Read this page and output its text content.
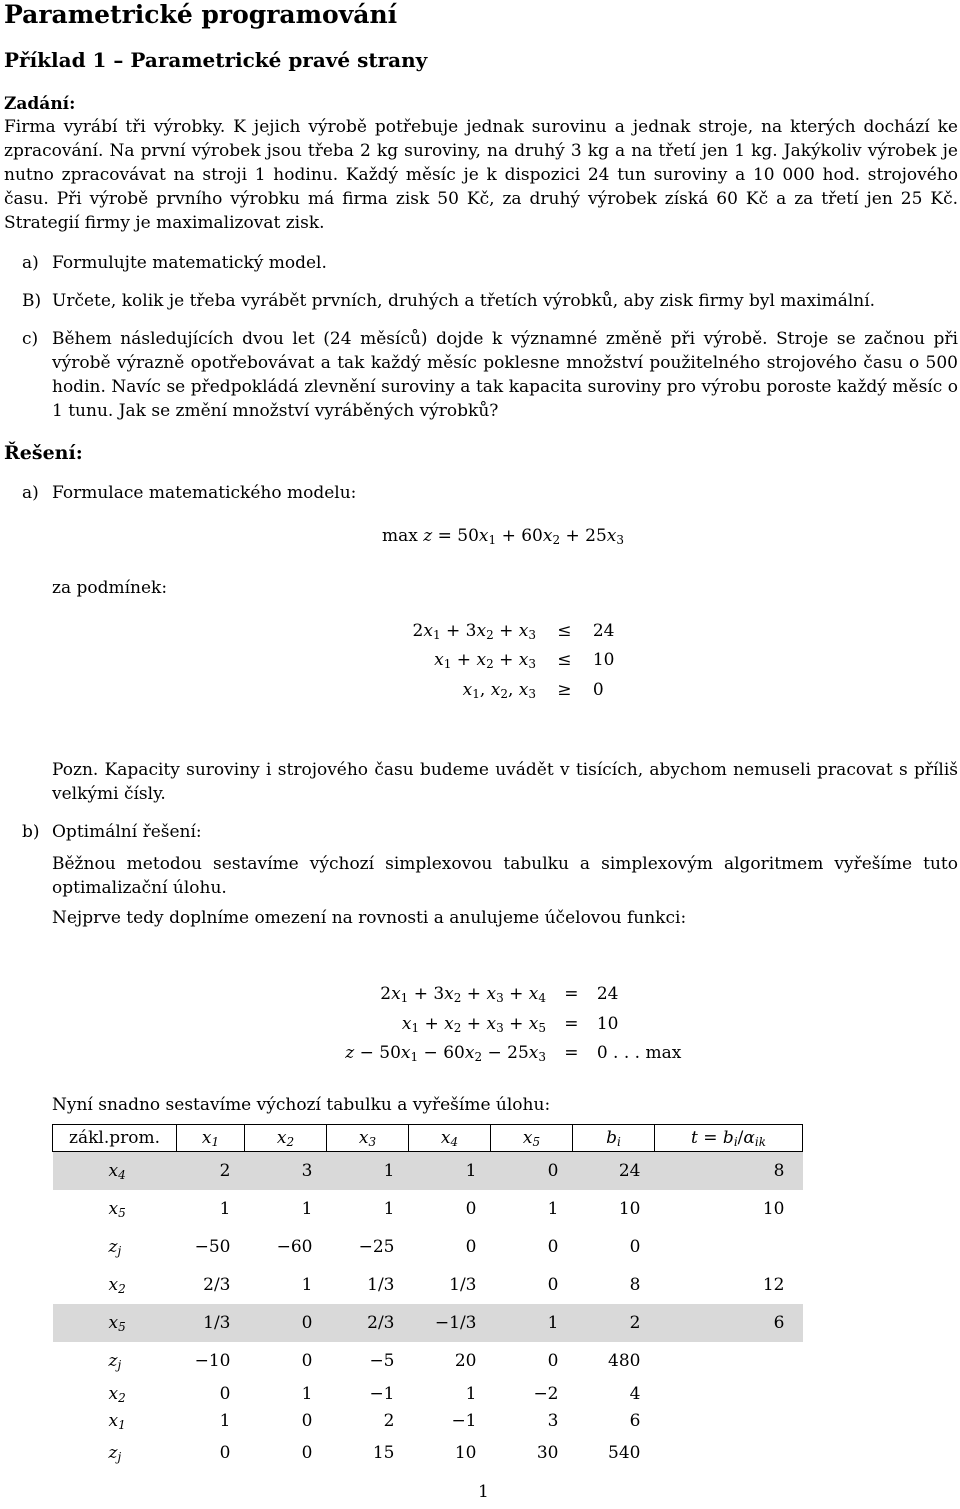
Parametrické programování
Příklad 1 – Parametrické pravé strany
Zadání:
Firma vyrábí tři výrobky. K jejich výrobě potřebuje jednak surovinu a jednak stroje, na kterých dochází ke zpracování. Na první výrobek jsou třeba 2 kg suroviny, na druhý 3 kg a na třetí jen 1 kg. Jakýkoliv výrobek je nutno zpracovávat na stroji 1 hodinu. Každý měsíc je k dispozici 24 tun suroviny a 10 000 hod. strojového času. Při výrobě prvního výrobku má firma zisk 50 Kč, za druhý výrobek získá 60 Kč a za třetí jen 25 Kč. Strategií firmy je maximalizovat zisk.
a) Formulujte matematický model.
B) Určete, kolik je třeba vyrábět prvních, druhých a třetích výrobků, aby zisk firmy byl maximální.
c) Během následujících dvou let (24 měsíců) dojde k významné změně při výrobě. Stroje se začnou při výrobě výrazně opotřebovávat a tak každý měsíc poklesne množství použitelného strojového času o 500 hodin. Navíc se předpokládá zlevnění suroviny a tak kapacita suroviny pro výrobu poroste každý měsíc o 1 tunu. Jak se změní množství vyráběných výrobků?
Řešení:
a) Formulace matematického modelu:
$\max z = 50x_1 + 60x_2 + 25x_3$
za podmínek:
$2x_1 + 3x_2 + x_3 \le 24$
$x_1 + x_2 + x_3 \le 10$
$x_1$, $x_2$, $x_3 \ge 0$
Pozn. Kapacity suroviny i strojového času budeme uvádět v tisících, abychom nemuseli pracovat s příliš velkými čísly.
b) Optimální řešení:
Běžnou metodou sestavíme výchozí simplexovou tabulku a simplexovým algoritmem vyřešíme tuto optimalizační úlohu.
Nejprve tedy doplníme omezení na rovnosti a anulujeme účelovou funkci:
$2x_1 + 3x_2 + x_3 + x_4 = 24$
$x_1 + x_2 + x_3 + x_5 = 10$
$z - 50x_1 - 60x_2 - 25x_3 = 0$ . . . max
Nyní snadno sestavíme výchozí tabulku a vyřešíme úlohu:
zákl.prom.	$x_1$	$x_2$	$x_3$	$x_4$	$x_5$	$b_i$	$t = b_i/\alpha_{ik}$
$x_4$	2	3	1	1	0	24	8
$x_5$	1	1	1	0	1	10	10
$z_j$	−50	−60	−25	0	0	0	
$x_2$	2/3	1	1/3	1/3	0	8	12
$x_5$	1/3	0	2/3	−1/3	1	2	6
$z_j$	−10	0	−5	20	0	480	
$x_2$	0	1	−1	1	−2	4	
$x_1$	1	0	2	−1	3	6	
$z_j$	0	0	15	10	30	540	
1
